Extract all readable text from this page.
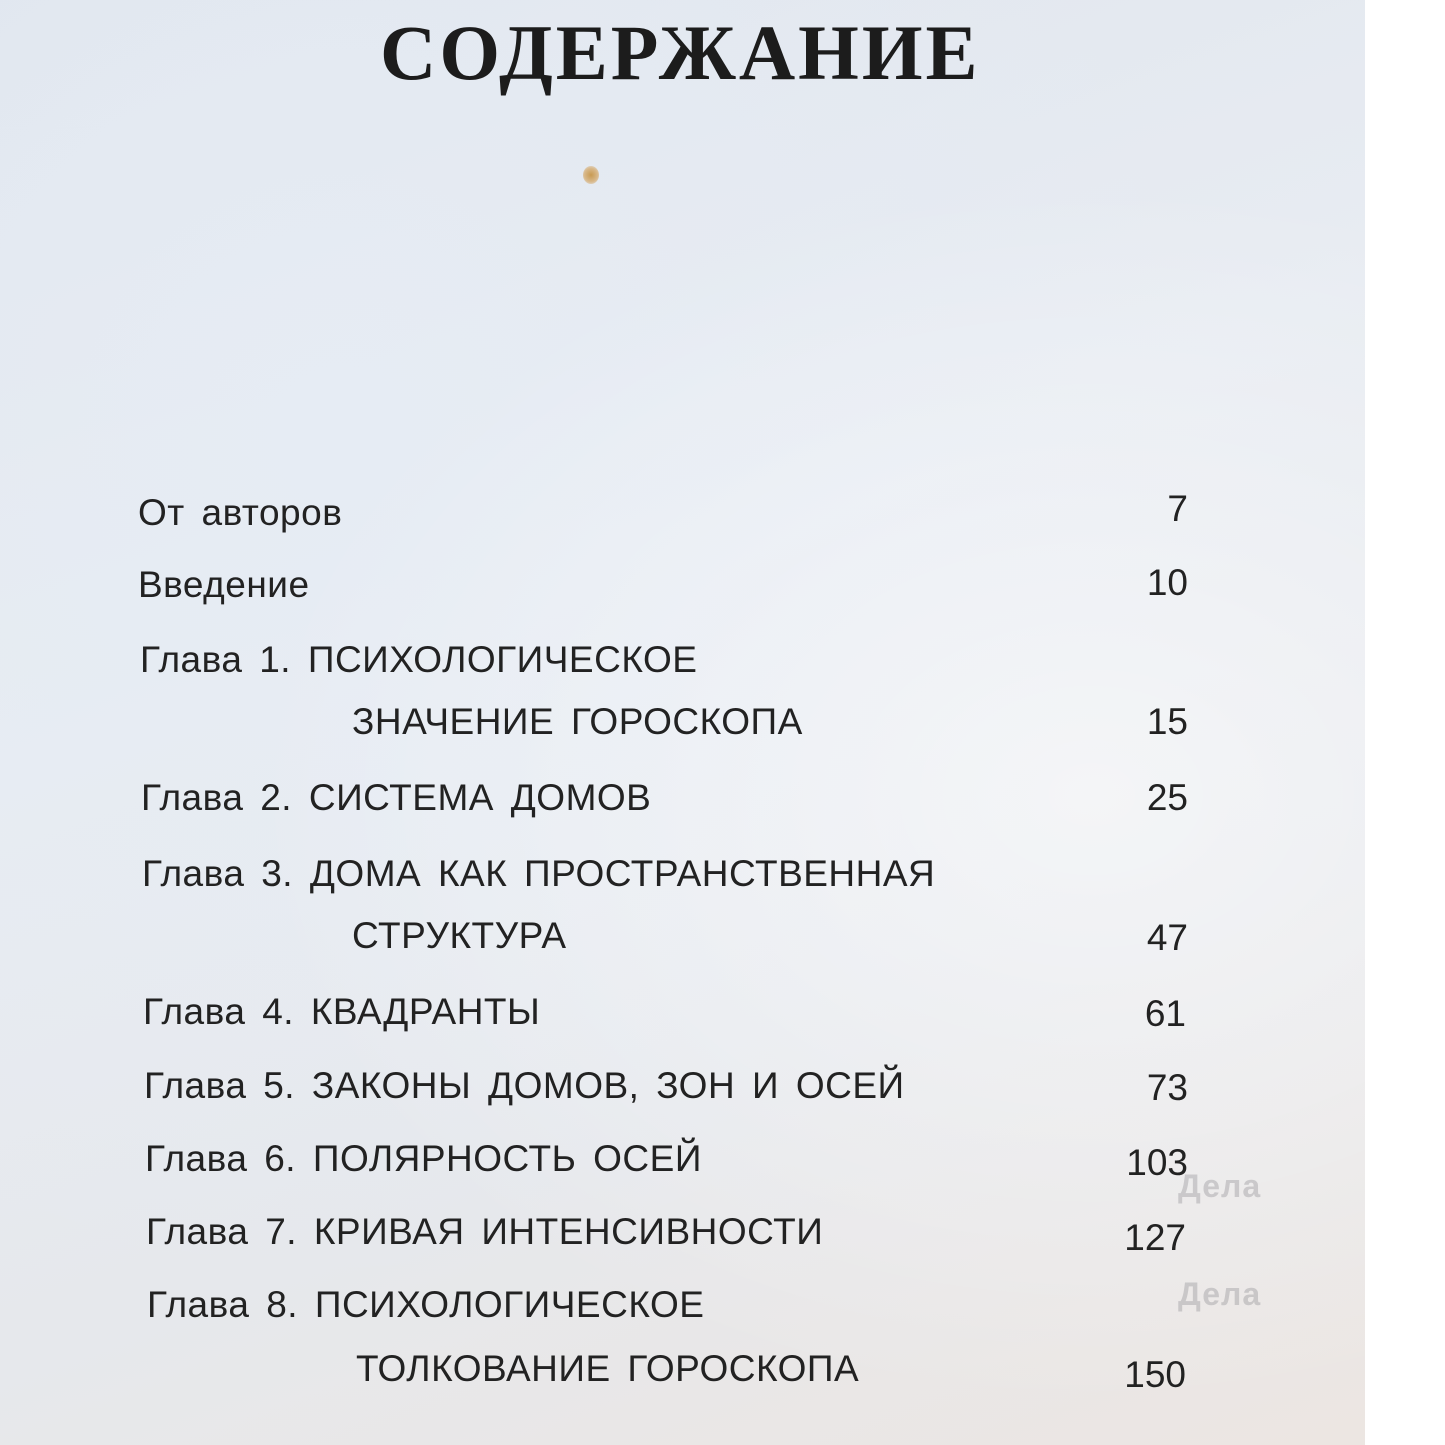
СОДЕРЖАНИЕ
Дела
Дела
От авторов	7
Введение	10
Глава 1. ПСИХОЛОГИЧЕСКОЕ
ЗНАЧЕНИЕ ГОРОСКОПА	15
Глава 2. СИСТЕМА ДОМОВ	25
Глава 3. ДОМА КАК ПРОСТРАНСТВЕННАЯ
СТРУКТУРА	47
Глава 4. КВАДРАНТЫ	61
Глава 5. ЗАКОНЫ ДОМОВ, ЗОН И ОСЕЙ	73
Глава 6. ПОЛЯРНОСТЬ ОСЕЙ	103
Глава 7. КРИВАЯ ИНТЕНСИВНОСТИ	127
Глава 8. ПСИХОЛОГИЧЕСКОЕ
ТОЛКОВАНИЕ ГОРОСКОПА	150
